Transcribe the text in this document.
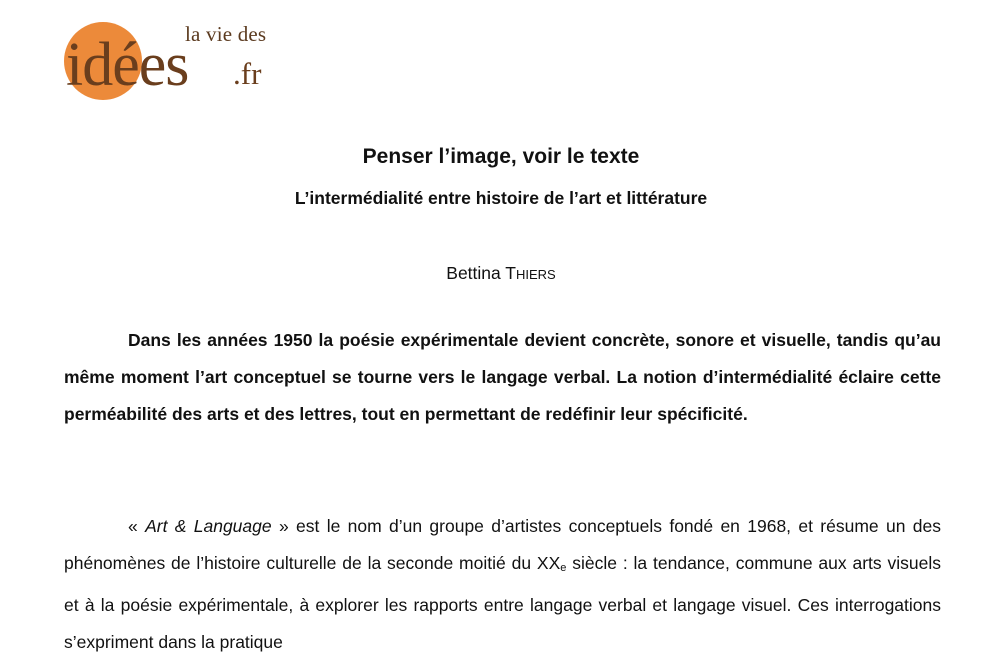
idées
la vie des
.fr
Penser l’image, voir le texte
L’intermédialité entre histoire de l’art et littérature

Bettina THIERS

Dans les années 1950 la poésie expérimentale devient concrète, sonore et visuelle, tandis qu’au même moment l’art conceptuel se tourne vers le langage verbal. La notion d’intermédialité éclaire cette perméabilité des arts et des lettres, tout en permettant de redéfinir leur spécificité.

« Art & Language » est le nom d’un groupe d’artistes conceptuels fondé en 1968, et résume un des phénomènes de l’histoire culturelle de la seconde moitié du $XX_e$ siècle : la tendance, commune aux arts visuels et à la poésie expérimentale, à explorer les rapports entre langage verbal et langage visuel. Ces interrogations s’expriment dans la pratique
